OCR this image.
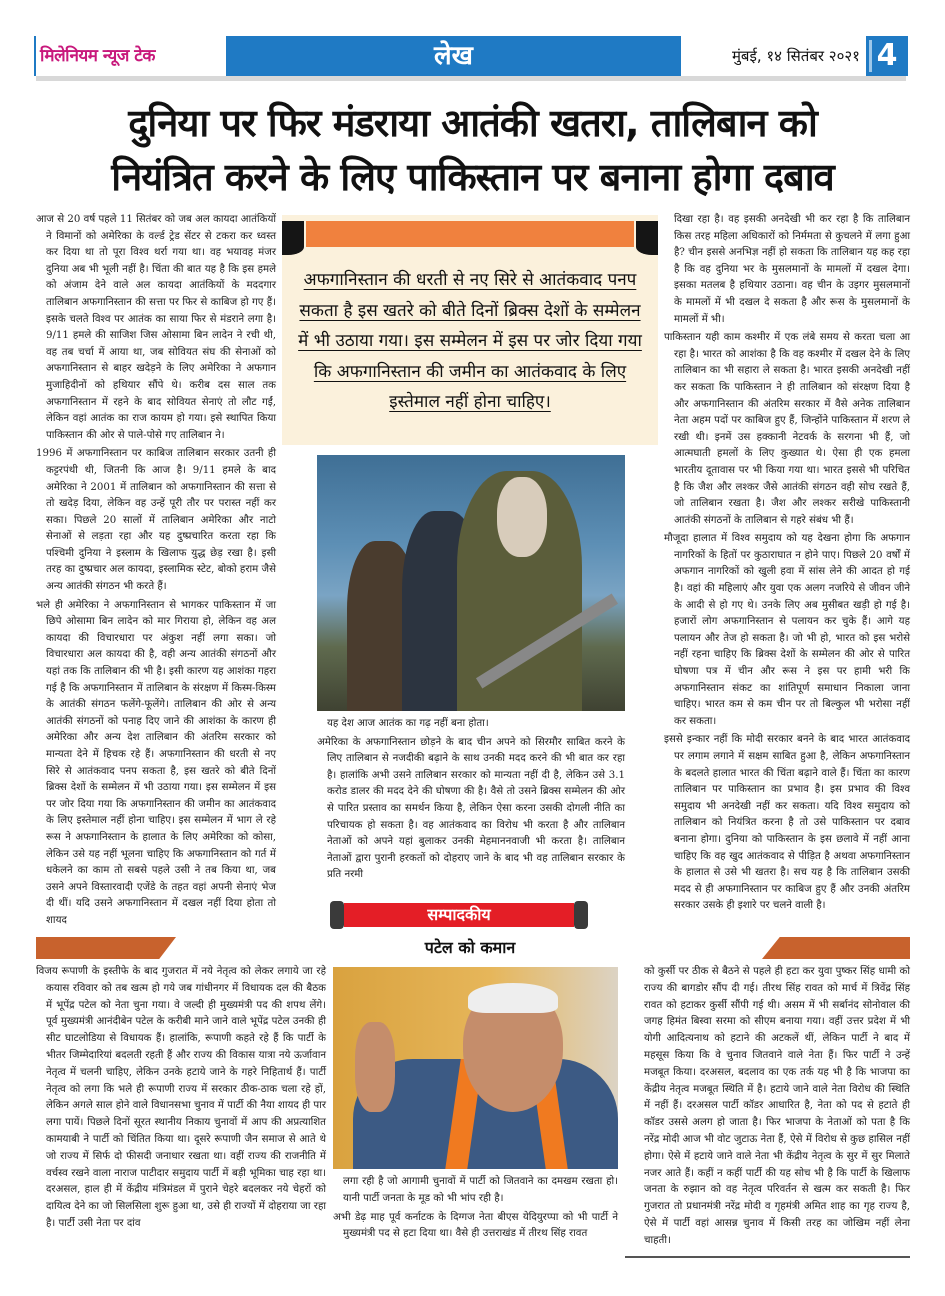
मिलेनियम न्यूज टेक	लेख	मुंबई, १४ सितंबर २०२१ 4
दुनिया पर फिर मंडराया आतंकी खतरा, तालिबान को
नियंत्रित करने के लिए पाकिस्तान पर बनाना होगा दबाव

आज से 20 वर्ष पहले 11 सितंबर को जब अल कायदा आतंकियों ने विमानों को अमेरिका के वर्ल्ड ट्रेड सेंटर से टकरा कर ध्वस्त कर दिया था तो पूरा विश्व थर्रा गया था। वह भयावह मंजर दुनिया अब भी भूली नहीं है। चिंता की बात यह है कि इस हमले को अंजाम देने वाले अल कायदा आतंकियों के मददगार तालिबान अफगानिस्तान की सत्ता पर फिर से काबिज हो गए हैं। इसके चलते विश्व पर आतंक का साया फिर से मंडराने लगा है। 9/11 हमले की साजिश जिस ओसामा बिन लादेन ने रची थी, वह तब चर्चा में आया था, जब सोवियत संघ की सेनाओं को अफगानिस्तान से बाहर खदेड़ने के लिए अमेरिका ने अफगान मुजाहिदीनों को हथियार सौंपे थे। करीब दस साल तक अफगानिस्तान में रहने के बाद सोवियत सेनाएं तो लौट गईं, लेकिन वहां आतंक का राज कायम हो गया। इसे स्थापित किया पाकिस्तान की ओर से पाले-पोसे गए तालिबान ने।

1996 में अफगानिस्तान पर काबिज तालिबान सरकार उतनी ही कट्टरपंथी थी, जितनी कि आज है। 9/11 हमले के बाद अमेरिका ने 2001 में तालिबान को अफगानिस्तान की सत्ता से तो खदेड़ दिया, लेकिन वह उन्हें पूरी तौर पर परास्त नहीं कर सका। पिछले 20 सालों में तालिबान अमेरिका और नाटो सेनाओं से लड़ता रहा और यह दुष्प्रचारित करता रहा कि पश्चिमी दुनिया ने इस्लाम के खिलाफ युद्ध छेड़ रखा है। इसी तरह का दुष्प्रचार अल कायदा, इस्लामिक स्टेट, बोको हराम जैसे अन्य आतंकी संगठन भी करते हैं।

भले ही अमेरिका ने अफगानिस्तान से भागकर पाकिस्तान में जा छिपे ओसामा बिन लादेन को मार गिराया हो, लेकिन वह अल कायदा की विचारधारा पर अंकुश नहीं लगा सका। जो विचारधारा अल कायदा की है, वही अन्य आतंकी संगठनों और यहां तक कि तालिबान की भी है। इसी कारण यह आशंका गहरा गई है कि अफगानिस्तान में तालिबान के संरक्षण में किस्म-किस्म के आतंकी संगठन फलेंगे-फूलेंगे। तालिबान की ओर से अन्य आतंकी संगठनों को पनाह दिए जाने की आशंका के कारण ही अमेरिका और अन्य देश तालिबान की अंतरिम सरकार को मान्यता देने में हिचक रहे हैं। अफगानिस्तान की धरती से नए सिरे से आतंकवाद पनप सकता है, इस खतरे को बीते दिनों ब्रिक्स देशों के सम्मेलन में भी उठाया गया। इस सम्मेलन में इस पर जोर दिया गया कि अफगानिस्तान की जमीन का आतंकवाद के लिए इस्तेमाल नहीं होना चाहिए। इस सम्मेलन में भाग ले रहे रूस ने अफगानिस्तान के हालात के लिए अमेरिका को कोसा, लेकिन उसे यह नहीं भूलना चाहिए कि अफगानिस्तान को गर्त में धकेलने का काम तो सबसे पहले उसी ने तब किया था, जब उसने अपने विस्तारवादी एजेंडे के तहत वहां अपनी सेनाएं भेज दी थीं। यदि उसने अफगानिस्तान में दखल नहीं दिया होता तो शायद

अफगानिस्तान की धरती से नए सिरे से आतंकवाद पनप सकता है इस खतरे को बीते दिनों ब्रिक्स देशों के सम्मेलन में भी उठाया गया। इस सम्मेलन में इस पर जोर दिया गया कि अफगानिस्तान की जमीन का आतंकवाद के लिए इस्तेमाल नहीं होना चाहिए।

यह देश आज आतंक का गढ़ नहीं बना होता।

अमेरिका के अफगानिस्तान छोड़ने के बाद चीन अपने को सिरमौर साबित करने के लिए तालिबान से नजदीकी बढ़ाने के साथ उनकी मदद करने की भी बात कर रहा है। हालांकि अभी उसने तालिबान सरकार को मान्यता नहीं दी है, लेकिन उसे 3.1 करोड डालर की मदद देने की घोषणा की है। वैसे तो उसने ब्रिक्स सम्मेलन की ओर से पारित प्रस्ताव का समर्थन किया है, लेकिन ऐसा करना उसकी दोगली नीति का परिचायक हो सकता है। वह आतंकवाद का विरोध भी करता है और तालिबान नेताओं को अपने यहां बुलाकर उनकी मेहमाननवाजी भी करता है। तालिबान नेताओं द्वारा पुरानी हरकतों को दोहराए जाने के बाद भी वह तालिबान सरकार के प्रति नरमी

दिखा रहा है। वह इसकी अनदेखी भी कर रहा है कि तालिबान किस तरह महिला अधिकारों को निर्ममता से कुचलने में लगा हुआ है? चीन इससे अनभिज्ञ नहीं हो सकता कि तालिबान यह कह रहा है कि वह दुनिया भर के मुसलमानों के मामलों में दखल देगा। इसका मतलब है हथियार उठाना। वह चीन के उइगर मुसलमानों के मामलों में भी दखल दे सकता है और रूस के मुसलमानों के मामलों में भी।

पाकिस्तान यही काम कश्मीर में एक लंबे समय से करता चला आ रहा है। भारत को आशंका है कि वह कश्मीर में दखल देने के लिए तालिबान का भी सहारा ले सकता है। भारत इसकी अनदेखी नहीं कर सकता कि पाकिस्तान ने ही तालिबान को संरक्षण दिया है और अफगानिस्तान की अंतरिम सरकार में वैसे अनेक तालिबान नेता अहम पदों पर काबिज हुए हैं, जिन्होंने पाकिस्तान में शरण ले रखी थी। इनमें उस हक्कानी नेटवर्क के सरगना भी हैं, जो आत्मघाती हमलों के लिए कुख्यात थे। ऐसा ही एक हमला भारतीय दूतावास पर भी किया गया था। भारत इससे भी परिचित है कि जैश और लश्कर जैसे आतंकी संगठन वही सोच रखते हैं, जो तालिबान रखता है। जैश और लश्कर सरीखे पाकिस्तानी आतंकी संगठनों के तालिबान से गहरे संबंध भी हैं।

मौजूदा हालात में विश्व समुदाय को यह देखना होगा कि अफगान नागरिकों के हितों पर कुठाराघात न होने पाए। पिछले 20 वर्षों में अफगान नागरिकों को खुली हवा में सांस लेने की आदत हो गई है। वहां की महिलाएं और युवा एक अलग नजरिये से जीवन जीने के आदी से हो गए थे। उनके लिए अब मुसीबत खड़ी हो गई है। हजारों लोग अफगानिस्तान से पलायन कर चुके हैं। आगे यह पलायन और तेज हो सकता है। जो भी हो, भारत को इस भरोसे नहीं रहना चाहिए कि ब्रिक्स देशों के सम्मेलन की ओर से पारित घोषणा पत्र में चीन और रूस ने इस पर हामी भरी कि अफगानिस्तान संकट का शांतिपूर्ण समाधान निकाला जाना चाहिए। भारत कम से कम चीन पर तो बिल्कुल भी भरोसा नहीं कर सकता।

इससे इन्कार नहीं कि मोदी सरकार बनने के बाद भारत आतंकवाद पर लगाम लगाने में सक्षम साबित हुआ है, लेकिन अफगानिस्तान के बदलते हालात भारत की चिंता बढ़ाने वाले हैं। चिंता का कारण तालिबान पर पाकिस्तान का प्रभाव है। इस प्रभाव की विश्व समुदाय भी अनदेखी नहीं कर सकता। यदि विश्व समुदाय को तालिबान को नियंत्रित करना है तो उसे पाकिस्तान पर दबाव बनाना होगा। दुनिया को पाकिस्तान के इस छलावे में नहीं आना चाहिए कि वह खुद आतंकवाद से पीड़ित है अथवा अफगानिस्तान के हालात से उसे भी खतरा है। सच यह है कि तालिबान उसकी मदद से ही अफगानिस्तान पर काबिज हुए हैं और उनकी अंतरिम सरकार उसके ही इशारे पर चलने वाली है।

सम्पादकीय
पटेल को कमान

विजय रूपाणी के इस्तीफे के बाद गुजरात में नये नेतृत्व को लेकर लगाये जा रहे कयास रविवार को तब खत्म हो गये जब गांधीनगर में विधायक दल की बैठक में भूपेंद्र पटेल को नेता चुना गया। वे जल्दी ही मुख्यमंत्री पद की शपथ लेंगे। पूर्व मुख्यमंत्री आनंदीबेन पटेल के करीबी माने जाने वाले भूपेंद्र पटेल उनकी ही सीट घाटलोडिया से विधायक हैं। हालांकि, रूपाणी कहते रहे हैं कि पार्टी के भीतर जिम्मेदारियां बदलती रहती हैं और राज्य की विकास यात्रा नये ऊर्जावान नेतृत्व में चलनी चाहिए, लेकिन उनके हटाये जाने के गहरे निहितार्थ हैं। पार्टी नेतृत्व को लगा कि भले ही रूपाणी राज्य में सरकार ठीक-ठाक चला रहे हों, लेकिन अगले साल होने वाले विधानसभा चुनाव में पार्टी की नैया शायद ही पार लगा पायें। पिछले दिनों सूरत स्थानीय निकाय चुनावों में आप की अप्रत्याशित कामयाबी ने पार्टी को चिंतित किया था। दूसरे रूपाणी जैन समाज से आते थे जो राज्य में सिर्फ दो फीसदी जनाधार रखता था। वहीं राज्य की राजनीति में वर्चस्व रखने वाला नाराज पाटीदार समुदाय पार्टी में बड़ी भूमिका चाह रहा था। दरअसल, हाल ही में केंद्रीय मंत्रिमंडल में पुराने चेहरे बदलकर नये चेहरों को दायित्व देने का जो सिलसिला शुरू हुआ था, उसे ही राज्यों में दोहराया जा रहा है। पार्टी उसी नेता पर दांव

लगा रही है जो आगामी चुनावों में पार्टी को जितवाने का दमखम रखता हो। यानी पार्टी जनता के मूड को भी भांप रही है।

अभी डेढ़ माह पूर्व कर्नाटक के दिग्गज नेता बीएस येदियुरप्पा को भी पार्टी ने मुख्यमंत्री पद से हटा दिया था। वैसे ही उत्तराखंड में तीरथ सिंह रावत

को कुर्सी पर ठीक से बैठने से पहले ही हटा कर युवा पुष्कर सिंह धामी को राज्य की बागडोर सौंप दी गई। तीरथ सिंह रावत को मार्च में त्रिवेंद्र सिंह रावत को हटाकर कुर्सी सौंपी गई थी। असम में भी सर्बानंद सोनोवाल की जगह हिमंत बिस्वा सरमा को सीएम बनाया गया। वहीं उत्तर प्रदेश में भी योगी आदित्यनाथ को हटाने की अटकलें थीं, लेकिन पार्टी ने बाद में महसूस किया कि वे चुनाव जितवाने वाले नेता हैं। फिर पार्टी ने उन्हें मजबूत किया। दरअसल, बदलाव का एक तर्क यह भी है कि भाजपा का केंद्रीय नेतृत्व मजबूत स्थिति में है। हटाये जाने वाले नेता विरोध की स्थिति में नहीं हैं। दरअसल पार्टी कॉडर आधारित है, नेता को पद से हटाते ही कॉडर उससे अलग हो जाता है। फिर भाजपा के नेताओं को पता है कि नरेंद्र मोदी आज भी वोट जुटाऊ नेता हैं, ऐसे में विरोध से कुछ हासिल नहीं होगा। ऐसे में हटाये जाने वाले नेता भी केंद्रीय नेतृत्व के सुर में सुर मिलाते नजर आते हैं। कहीं न कहीं पार्टी की यह सोच भी है कि पार्टी के खिलाफ जनता के रुझान को वह नेतृत्व परिवर्तन से खत्म कर सकती है। फिर गुजरात तो प्रधानमंत्री नरेंद्र मोदी व गृहमंत्री अमित शाह का गृह राज्य है, ऐसे में पार्टी वहां आसन्न चुनाव में किसी तरह का जोखिम नहीं लेना चाहती।
